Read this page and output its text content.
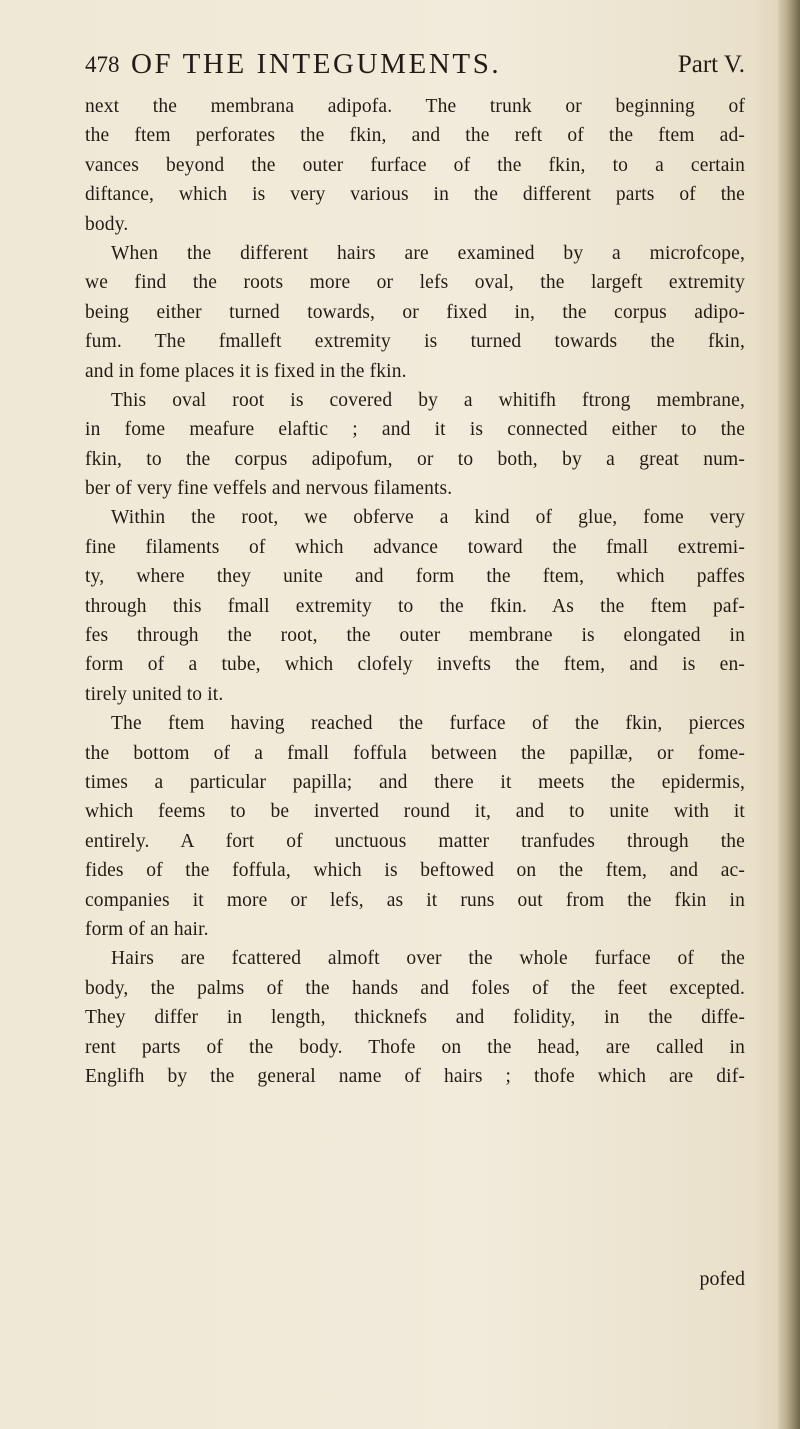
478 OF THE INTEGUMENTS.	Part V.
next the membrana adipofa. The trunk or beginning of
the ftem perforates the fkin, and the reft of the ftem ad-
vances beyond the outer furface of the fkin, to a certain
diftance, which is very various in the different parts of the
body.
When the different hairs are examined by a microfcope,
we find the roots more or lefs oval, the largeft extremity
being either turned towards, or fixed in, the corpus adipo-
fum. The fmalleft extremity is turned towards the fkin,
and in fome places it is fixed in the fkin.
This oval root is covered by a whitifh ftrong membrane,
in fome meafure elaftic ; and it is connected either to the
fkin, to the corpus adipofum, or to both, by a great num-
ber of very fine veffels and nervous filaments.
Within the root, we obferve a kind of glue, fome very
fine filaments of which advance toward the fmall extremi-
ty, where they unite and form the ftem, which paffes
through this fmall extremity to the fkin. As the ftem paf-
fes through the root, the outer membrane is elongated in
form of a tube, which clofely invefts the ftem, and is en-
tirely united to it.
The ftem having reached the furface of the fkin, pierces
the bottom of a fmall foffula between the papillæ, or fome-
times a particular papilla; and there it meets the epidermis,
which feems to be inverted round it, and to unite with it
entirely. A fort of unctuous matter tranfudes through the
fides of the foffula, which is beftowed on the ftem, and ac-
companies it more or lefs, as it runs out from the fkin in
form of an hair.
Hairs are fcattered almoft over the whole furface of the
body, the palms of the hands and foles of the feet excepted.
They differ in length, thicknefs and folidity, in the diffe-
rent parts of the body. Thofe on the head, are called in
Englifh by the general name of hairs ; thofe which are dif-
pofed
